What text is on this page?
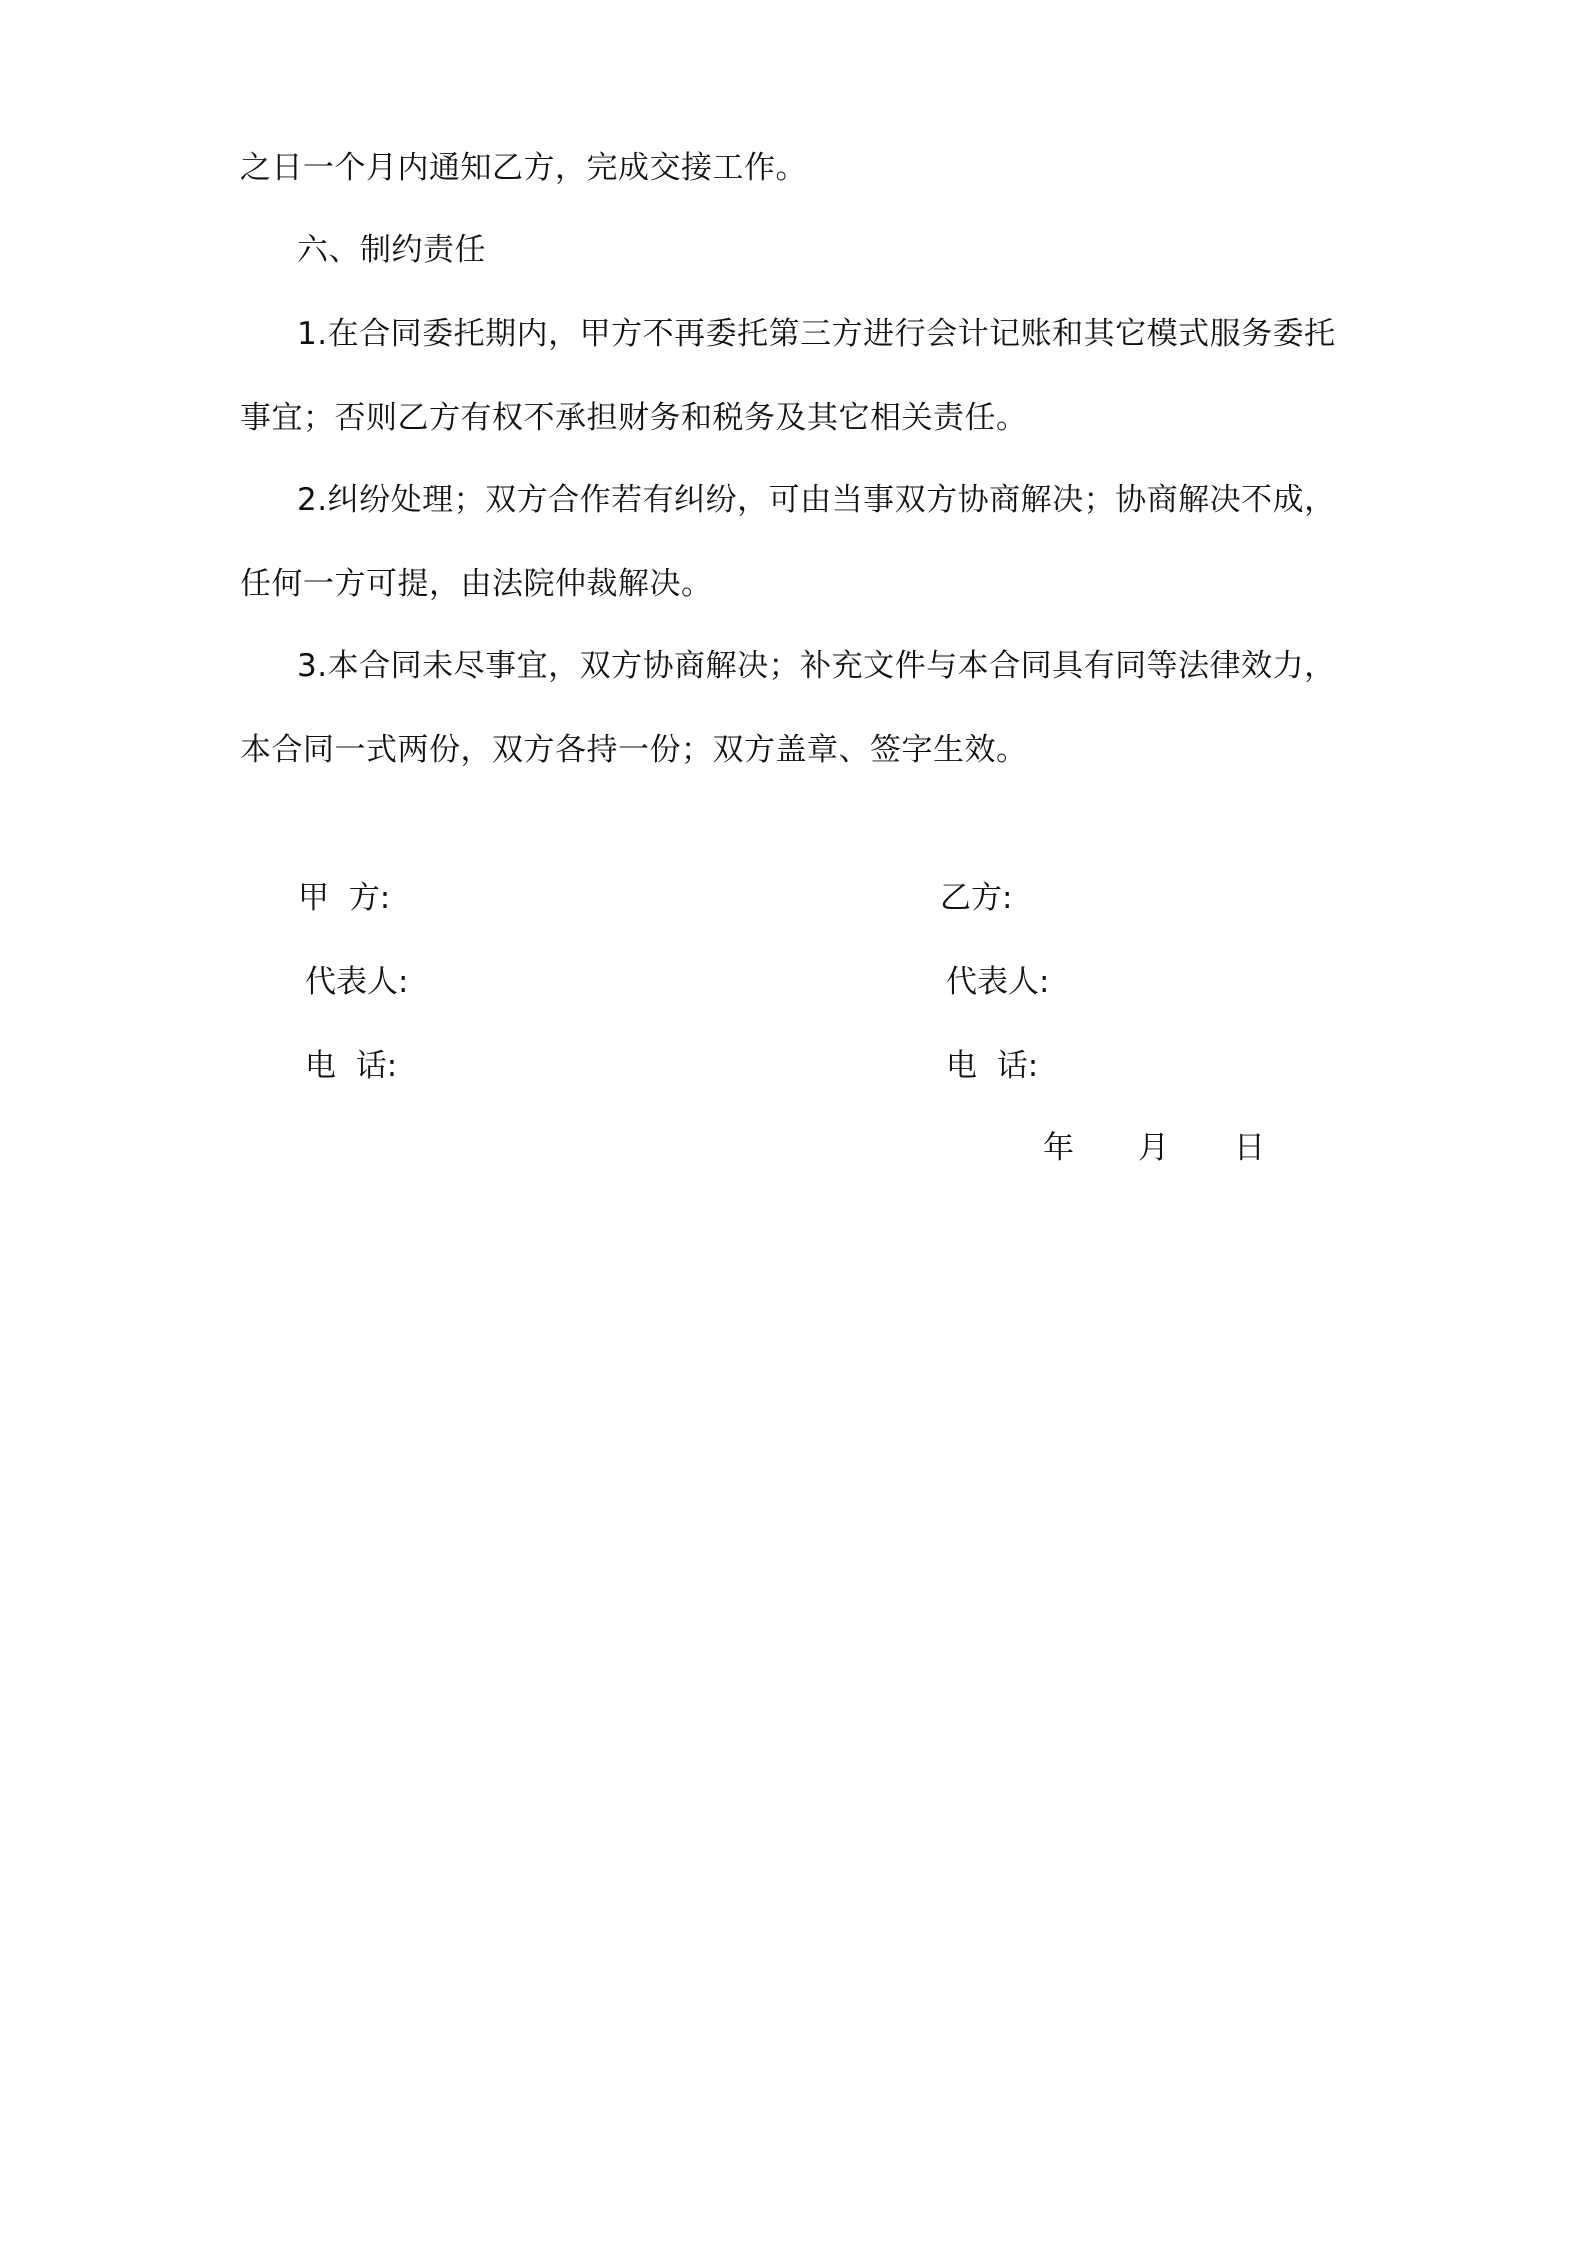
之日一个月内通知乙方，完成交接工作。
六、制约责任
1.在合同委托期内，甲方不再委托第三方进行会计记账和其它模式服务委托
事宜；否则乙方有权不承担财务和税务及其它相关责任。
2.纠纷处理；双方合作若有纠纷，可由当事双方协商解决；协商解决不成，
任何一方可提，由法院仲裁解决。
3.本合同未尽事宜，双方协商解决；补充文件与本合同具有同等法律效力，
本合同一式两份，双方各持一份；双方盖章、签字生效。
甲  方:	乙方:
代表人:	代表人:
电  话:	电  话:
年 月 日
